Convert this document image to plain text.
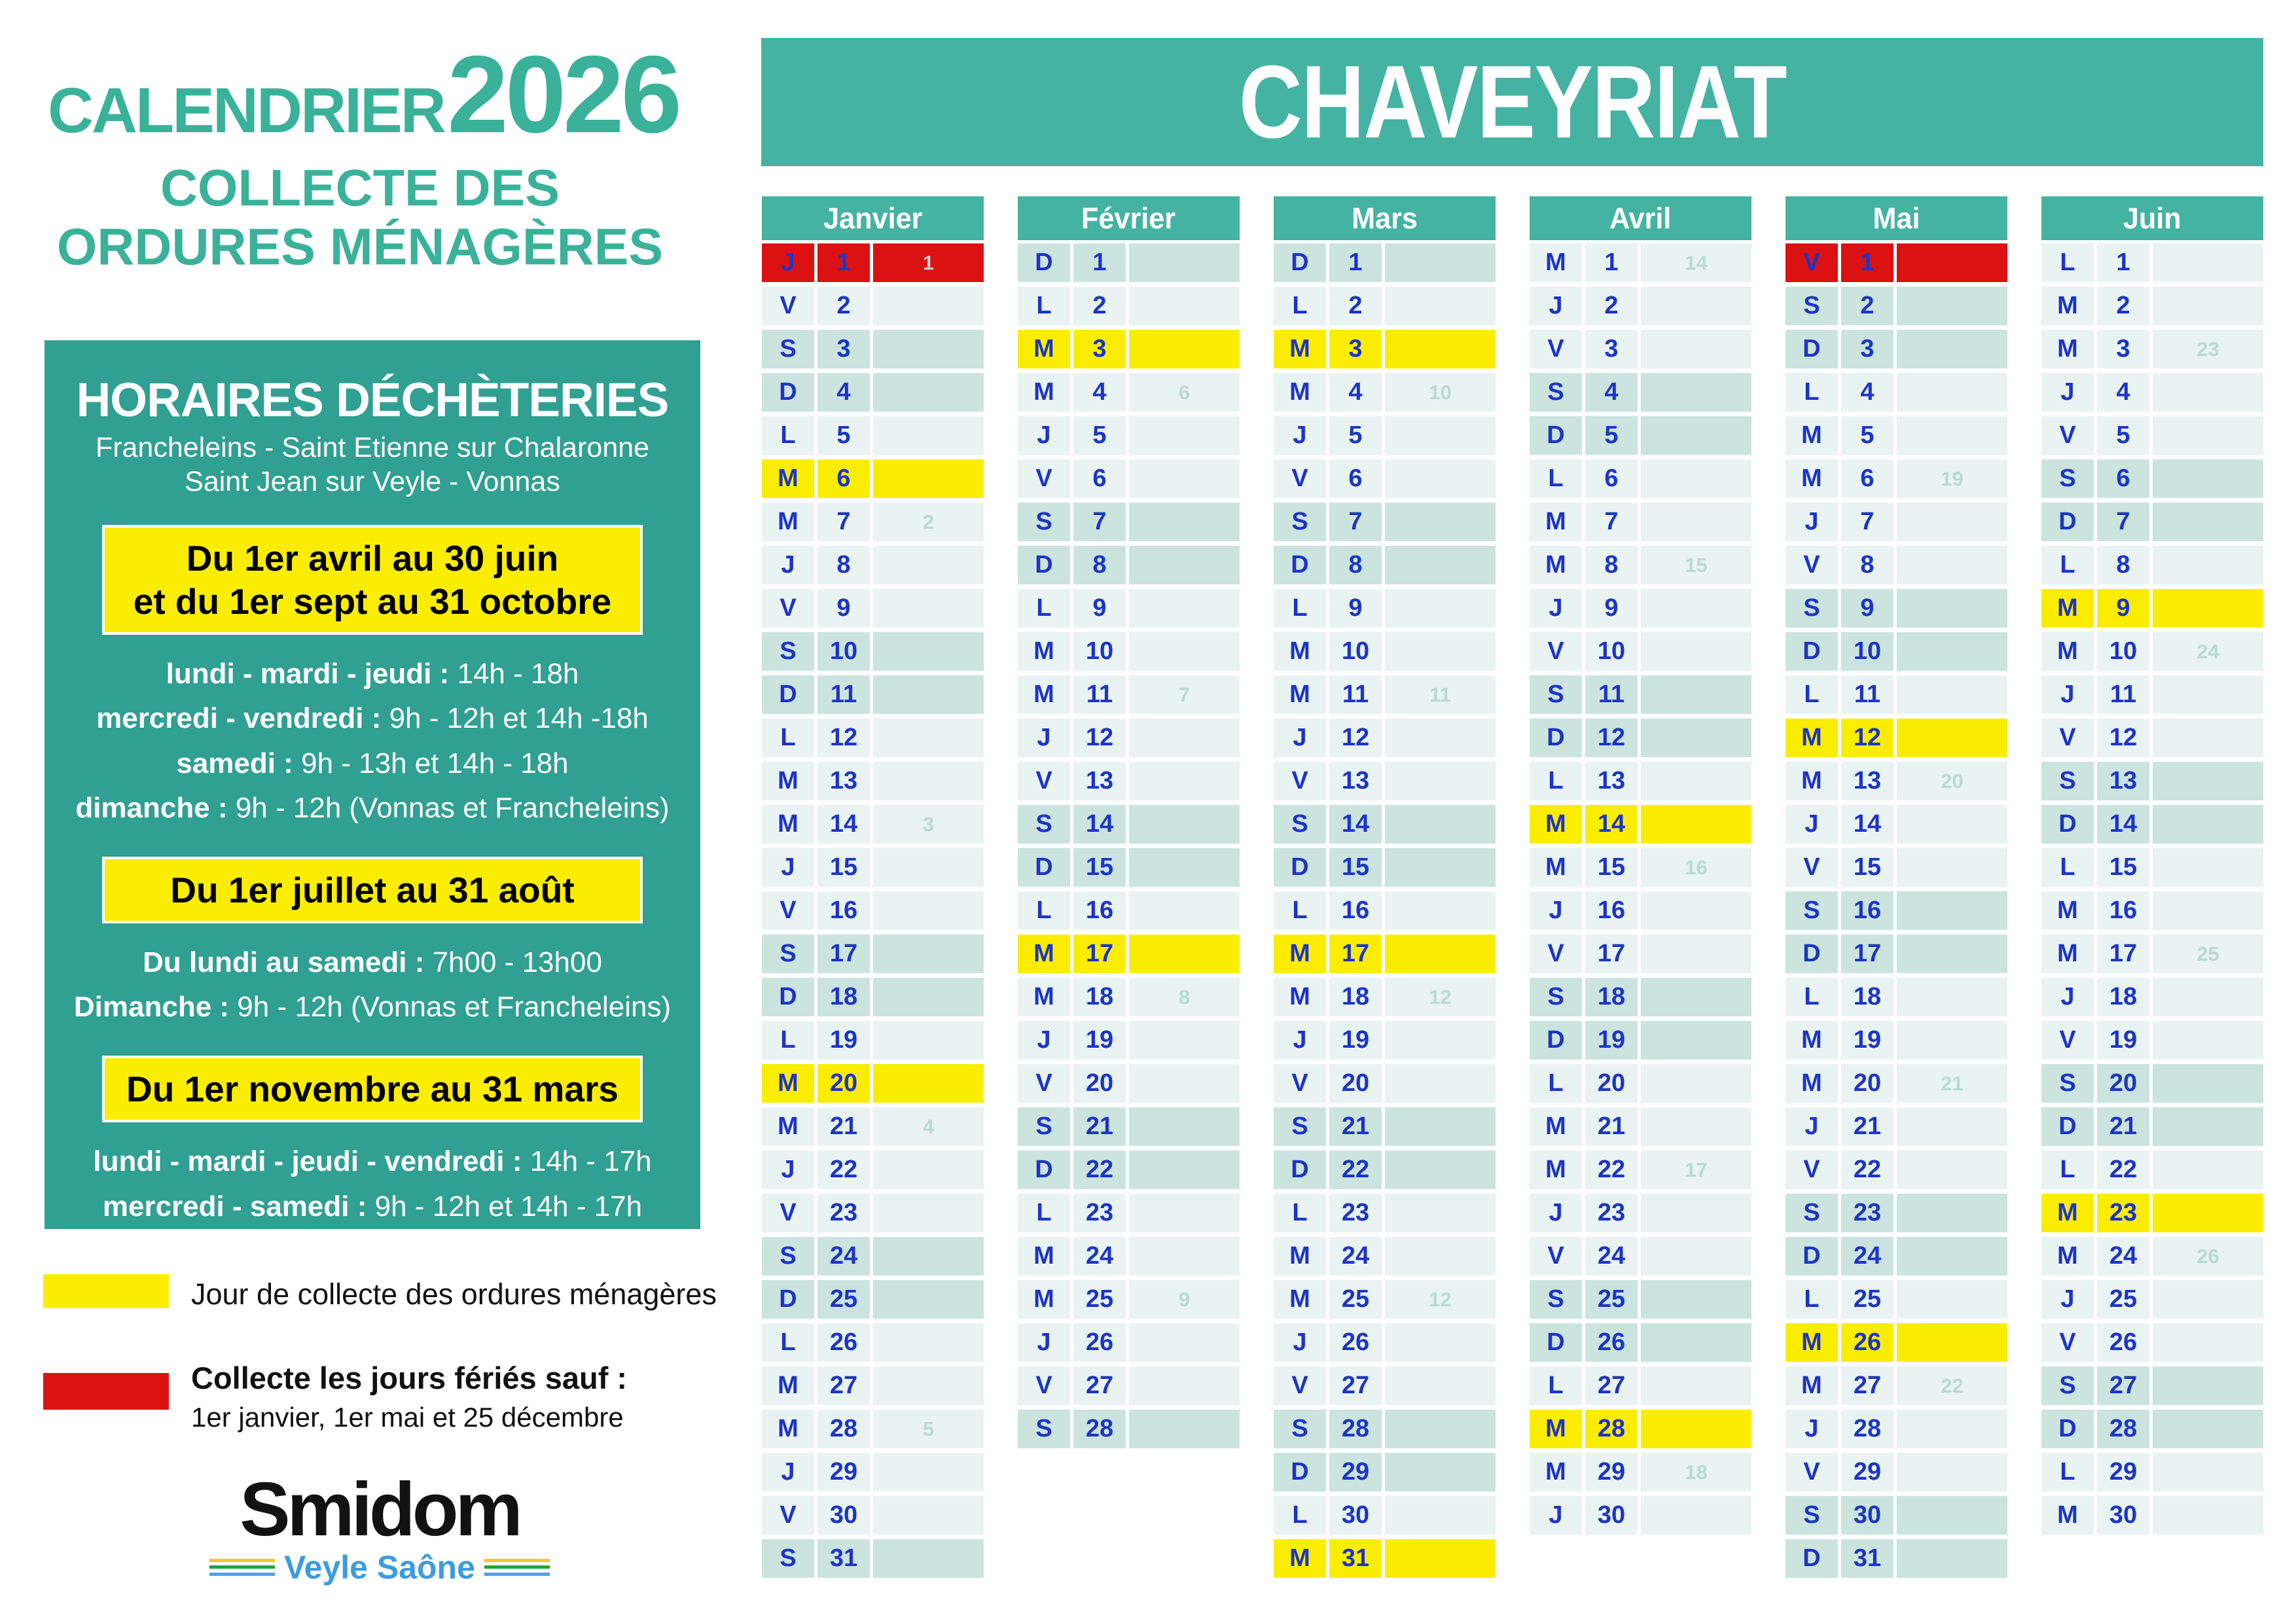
CALENDRIER 2026
COLLECTE DES
ORDURES MÉNAGÈRES
HORAIRES DÉCHÈTERIES
Francheleins - Saint Etienne sur Chalaronne
Saint Jean sur Veyle - Vonnas
Du 1er avril au 30 juin
et du 1er sept au 31 octobre
lundi - mardi - jeudi : 14h - 18h
mercredi - vendredi : 9h - 12h et 14h -18h
samedi : 9h - 13h et 14h - 18h
dimanche : 9h - 12h (Vonnas et Francheleins)
Du 1er juillet au 31 août
Du lundi au samedi : 7h00 - 13h00
Dimanche : 9h - 12h (Vonnas et Francheleins)
Du 1er novembre au 31 mars
lundi - mardi - jeudi - vendredi : 14h - 17h
mercredi - samedi : 9h - 12h et 14h - 17h
Jour de collecte des ordures ménagères
Collecte les jours fériés sauf :
1er janvier, 1er mai et 25 décembre
Smidom
Veyle Saône
CHAVEYRIAT
Janvier
J	1	1
V	2
S	3
D	4
L	5
M	6
M	7	2
J	8
V	9
S	10
D	11
L	12
M	13
M	14	3
J	15
V	16
S	17
D	18
L	19
M	20
M	21	4
J	22
V	23
S	24
D	25
L	26
M	27
M	28	5
J	29
V	30
S	31
Février
D	1
L	2
M	3
M	4	6
J	5
V	6
S	7
D	8
L	9
M	10
M	11	7
J	12
V	13
S	14
D	15
L	16
M	17
M	18	8
J	19
V	20
S	21
D	22
L	23
M	24
M	25	9
J	26
V	27
S	28
Mars
D	1
L	2
M	3
M	4	10
J	5
V	6
S	7
D	8
L	9
M	10
M	11	11
J	12
V	13
S	14
D	15
L	16
M	17
M	18	12
J	19
V	20
S	21
D	22
L	23
M	24
M	25	12
J	26
V	27
S	28
D	29
L	30
M	31
Avril
M	1	14
J	2
V	3
S	4
D	5
L	6
M	7
M	8	15
J	9
V	10
S	11
D	12
L	13
M	14
M	15	16
J	16
V	17
S	18
D	19
L	20
M	21
M	22	17
J	23
V	24
S	25
D	26
L	27
M	28
M	29	18
J	30
Mai
V	1
S	2
D	3
L	4
M	5
M	6	19
J	7
V	8
S	9
D	10
L	11
M	12
M	13	20
J	14
V	15
S	16
D	17
L	18
M	19
M	20	21
J	21
V	22
S	23
D	24
L	25
M	26
M	27	22
J	28
V	29
S	30
D	31
Juin
L	1
M	2
M	3	23
J	4
V	5
S	6
D	7
L	8
M	9
M	10	24
J	11
V	12
S	13
D	14
L	15
M	16
M	17	25
J	18
V	19
S	20
D	21
L	22
M	23
M	24	26
J	25
V	26
S	27
D	28
L	29
M	30
